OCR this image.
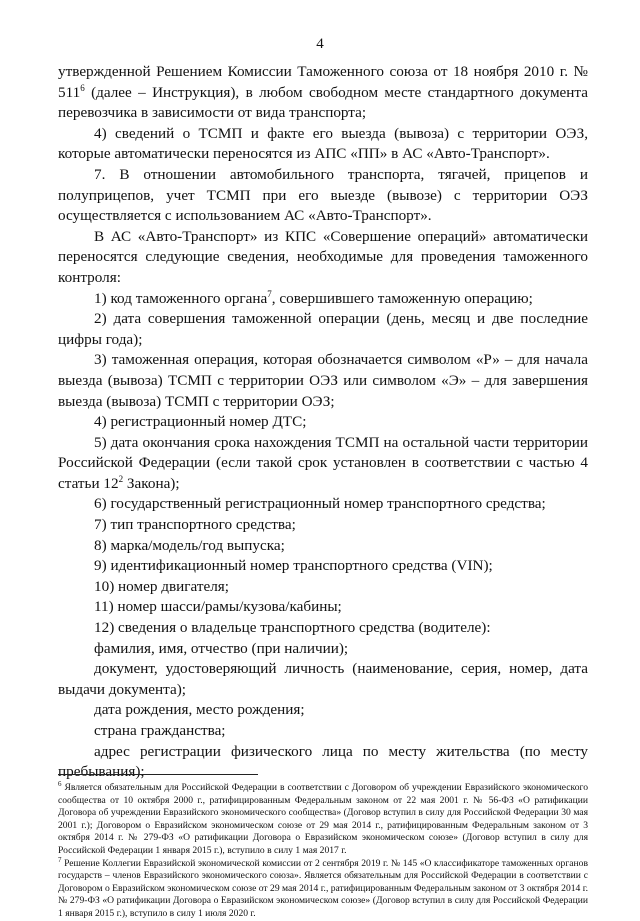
4

утвержденной Решением Комиссии Таможенного союза от 18 ноября 2010 г. № $511^6$ (далее – Инструкция), в любом свободном месте стандартного документа перевозчика в зависимости от вида транспорта;

4) сведений о ТСМП и факте его выезда (вывоза) с территории ОЭЗ, которые автоматически переносятся из АПС «ПП» в АС «Авто-Транспорт».

7. В отношении автомобильного транспорта, тягачей, прицепов и полуприцепов, учет ТСМП при его выезде (вывозе) с территории ОЭЗ осуществляется с использованием АС «Авто-Транспорт».

В АС «Авто-Транспорт» из КПС «Совершение операций» автоматически переносятся следующие сведения, необходимые для проведения таможенного контроля:

1) код таможенного органа$^7$, совершившего таможенную операцию;

2) дата совершения таможенной операции (день, месяц и две последние цифры года);

3) таможенная операция, которая обозначается символом «Р» – для начала выезда (вывоза) ТСМП с территории ОЭЗ или символом «Э» – для завершения выезда (вывоза) ТСМП с территории ОЭЗ;

4) регистрационный номер ДТС;

5) дата окончания срока нахождения ТСМП на остальной части территории Российской Федерации (если такой срок установлен в соответствии с частью 4 статьи $12^2$ Закона);

6) государственный регистрационный номер транспортного средства;

7) тип транспортного средства;

8) марка/модель/год выпуска;

9) идентификационный номер транспортного средства (VIN);

10) номер двигателя;

11) номер шасси/рамы/кузова/кабины;

12) сведения о владельце транспортного средства (водителе):

фамилия, имя, отчество (при наличии);

документ, удостоверяющий личность (наименование, серия, номер, дата выдачи документа);

дата рождения, место рождения;

страна гражданства;

адрес регистрации физического лица по месту жительства (по месту пребывания);

$^6$ Является обязательным для Российской Федерации в соответствии с Договором об учреждении Евразийского экономического сообщества от 10 октября 2000 г., ратифицированным Федеральным законом от 22 мая 2001 г. № 56-ФЗ «О ратификации Договора об учреждении Евразийского экономического сообщества» (Договор вступил в силу для Российской Федерации 30 мая 2001 г.); Договором о Евразийском экономическом союзе от 29 мая 2014 г., ратифицированным Федеральным законом от 3 октября 2014 г. № 279-ФЗ «О ратификации Договора о Евразийском экономическом союзе» (Договор вступил в силу для Российской Федерации 1 января 2015 г.), вступило в силу 1 мая 2017 г.

$^7$ Решение Коллегии Евразийской экономической комиссии от 2 сентября 2019 г. № 145 «О классификаторе таможенных органов государств – членов Евразийского экономического союза». Является обязательным для Российской Федерации в соответствии с Договором о Евразийском экономическом союзе от 29 мая 2014 г., ратифицированным Федеральным законом от 3 октября 2014 г. № 279-ФЗ «О ратификации Договора о Евразийском экономическом союзе» (Договор вступил в силу для Российской Федерации 1 января 2015 г.), вступило в силу 1 июля 2020 г.
